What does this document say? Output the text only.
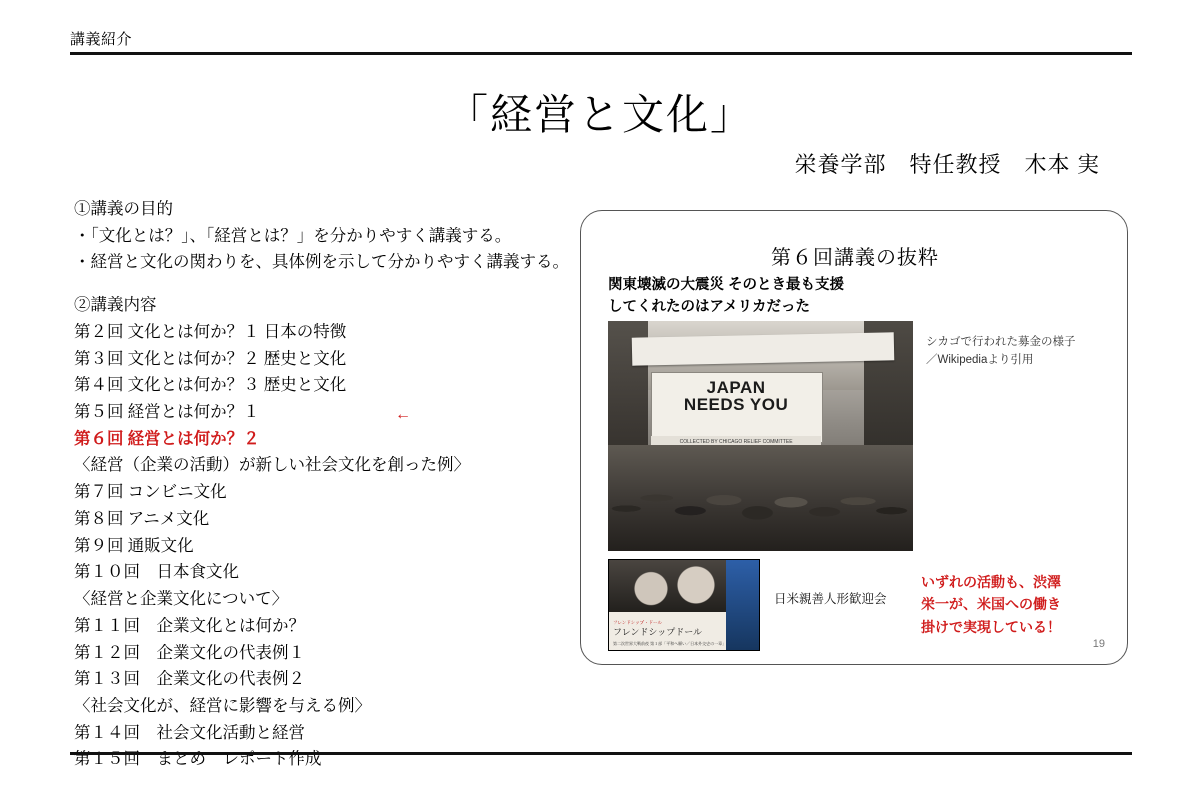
講義紹介
「経営と文化」
栄養学部　特任教授　木本 実
①講義の目的
・「文化とは？」、「経営とは？」を分かりやすく講義する。
・経営と文化の関わりを、具体例を示して分かりやすく講義する。
②講義内容
第２回 文化とは何か？１ 日本の特徴
第３回 文化とは何か？２ 歴史と文化
第４回 文化とは何か？３ 歴史と文化
第５回 経営とは何か？１
第６回 経営とは何か？２
〈経営（企業の活動）が新しい社会文化を創った例〉
第７回 コンビニ文化
第８回 アニメ文化
第９回 通販文化
第１０回　日本食文化
〈経営と企業文化について〉
第１１回　企業文化とは何か？
第１２回　企業文化の代表例１
第１３回　企業文化の代表例２
〈社会文化が、経営に影響を与える例〉
第１４回　社会文化活動と経営
第１５回　まとめ　レポート作成
←
第６回講義の抜粋
関東壊滅の大震災 そのとき最も支援
してくれたのはアメリカだった
JAPAN
NEEDS YOU
COLLECTED BY CHICAGO RELIEF COMMITTEE
シカゴで行われた募金の様子
／Wikipediaより引用
フレンドシップ・ドール
フレンドシップドール
第二次世界大戦前夜 第１部「平和へ願い／日本外交史の一章」
日米親善人形歓迎会
いずれの活動も、渋澤
栄一が、米国への働き
掛けで実現している！
19
